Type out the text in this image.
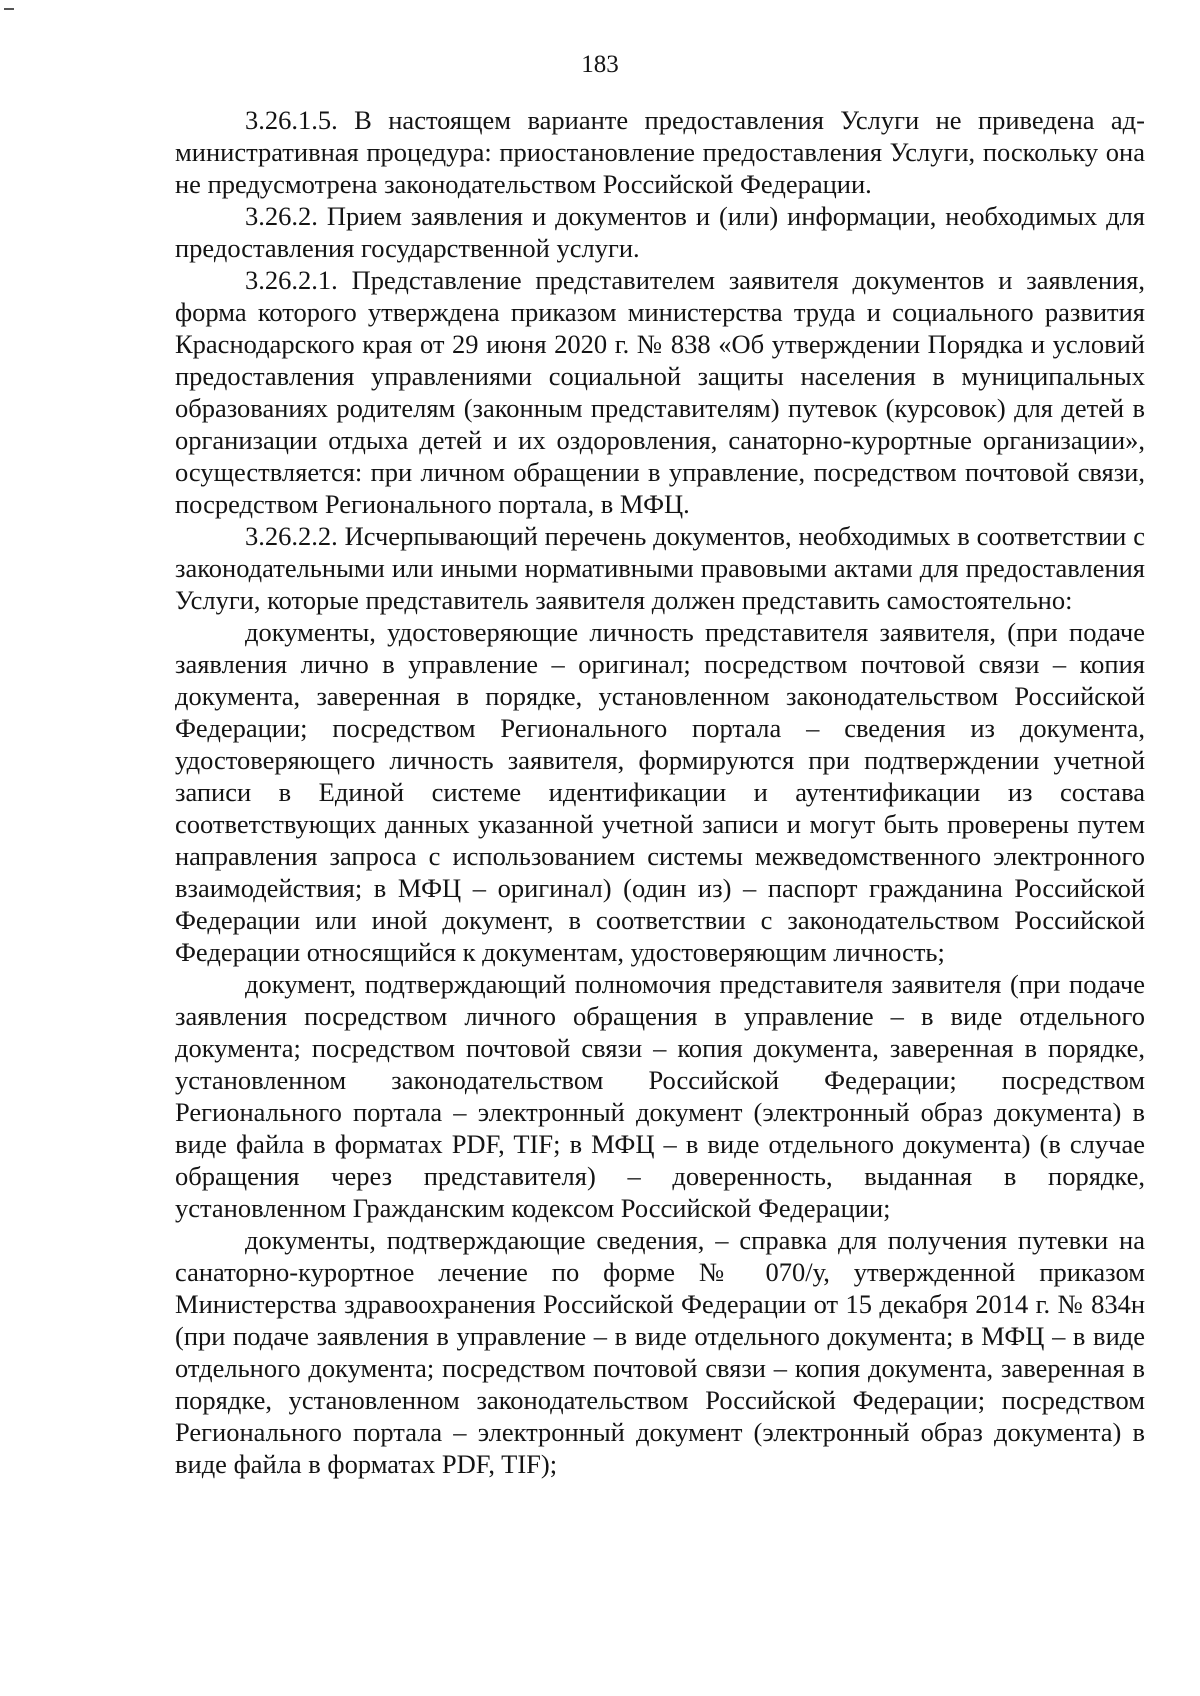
183

3.26.1.5. В настоящем варианте предоставления Услуги не приведена административная процедура: приостановление предоставления Услуги, поскольку она не предусмотрена законодательством Российской Федерации.

3.26.2. Прием заявления и документов и (или) информации, необходимых для предоставления государственной услуги.

3.26.2.1. Представление представителем заявителя документов и заявления, форма которого утверждена приказом министерства труда и социального развития Краснодарского края от 29 июня 2020 г. № 838 «Об утверждении Порядка и условий предоставления управлениями социальной защиты населения в муниципальных образованиях родителям (законным представителям) путевок (курсовок) для детей в организации отдыха детей и их оздоровления, санаторно-курортные организации», осуществляется: при личном обращении в управление, посредством почтовой связи, посредством Регионального портала, в МФЦ.

3.26.2.2. Исчерпывающий перечень документов, необходимых в соответствии с законодательными или иными нормативными правовыми актами для предоставления Услуги, которые представитель заявителя должен представить самостоятельно:

документы, удостоверяющие личность представителя заявителя, (при подаче заявления лично в управление – оригинал; посредством почтовой связи – копия документа, заверенная в порядке, установленном законодательством Российской Федерации; посредством Регионального портала – сведения из документа, удостоверяющего личность заявителя, формируются при подтверждении учетной записи в Единой системе идентификации и аутентификации из состава соответствующих данных указанной учетной записи и могут быть проверены путем направления запроса с использованием системы межведомственного электронного взаимодействия; в МФЦ – оригинал) (один из) – паспорт гражданина Российской Федерации или иной документ, в соответствии с законодательством Российской Федерации относящийся к документам, удостоверяющим личность;

документ, подтверждающий полномочия представителя заявителя (при подаче заявления посредством личного обращения в управление – в виде отдельного документа; посредством почтовой связи – копия документа, заверенная в порядке, установленном законодательством Российской Федерации; посредством Регионального портала – электронный документ (электронный образ документа) в виде файла в форматах PDF, TIF; в МФЦ – в виде отдельного документа) (в случае обращения через представителя) – доверенность, выданная в порядке, установленном Гражданским кодексом Российской Федерации;

документы, подтверждающие сведения, – справка для получения путевки на санаторно-курортное лечение по форме № 070/у, утвержденной приказом Министерства здравоохранения Российской Федерации от 15 декабря 2014 г. № 834н (при подаче заявления в управление – в виде отдельного документа; в МФЦ – в виде отдельного документа; посредством почтовой связи – копия документа, заверенная в порядке, установленном законодательством Российской Федерации; посредством Регионального портала – электронный документ (электронный образ документа) в виде файла в форматах PDF, TIF);
